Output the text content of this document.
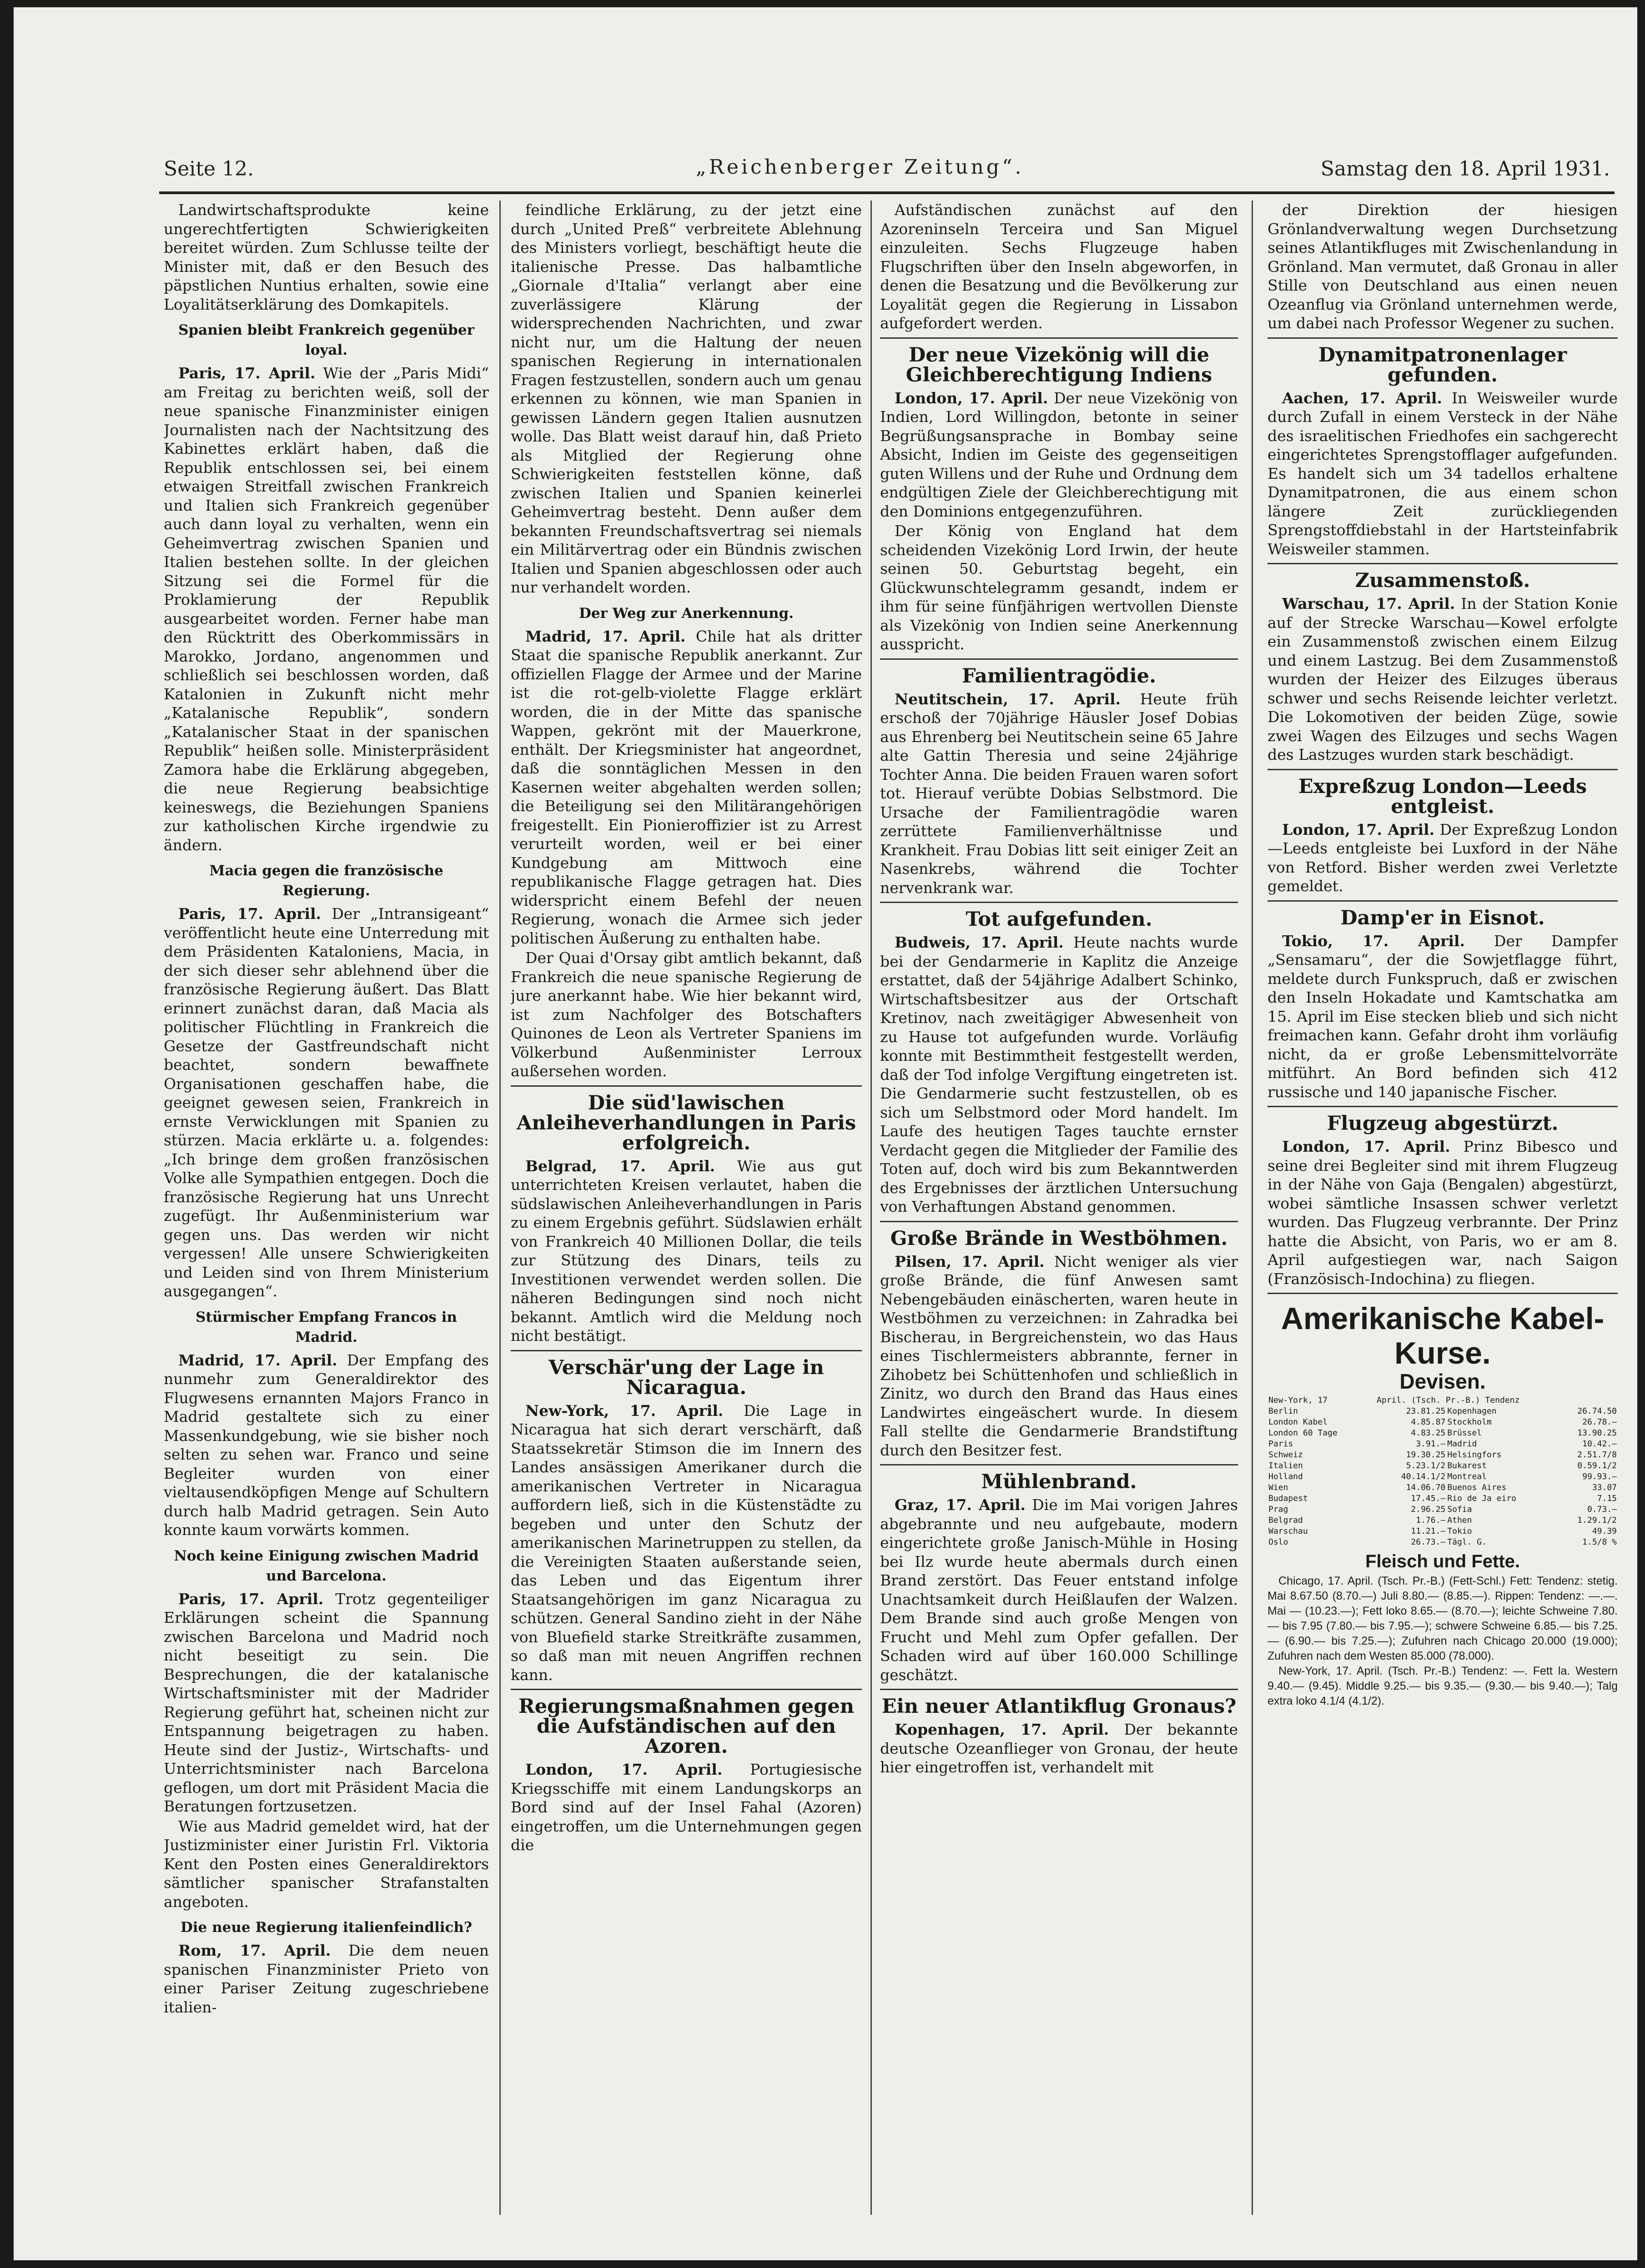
Seite 12.	„Reichenberger Zeitung“.	Samstag den 18. April 1931.

Landwirtschaftsprodukte keine ungerechtfertigten Schwierigkeiten bereitet würden. Zum Schlusse teilte der Minister mit, daß er den Besuch des päpstlichen Nuntius erhalten, sowie eine Loyalitätserklärung des Domkapitels.

Spanien bleibt Frankreich gegenüber loyal.

Paris, 17. April. Wie der „Paris Midi“ am Freitag zu berichten weiß, soll der neue spanische Finanzminister einigen Journalisten nach der Nachtsitzung des Kabinettes erklärt haben, daß die Republik entschlossen sei, bei einem etwaigen Streitfall zwischen Frankreich und Italien sich Frankreich gegenüber auch dann loyal zu verhalten, wenn ein Geheimvertrag zwischen Spanien und Italien bestehen sollte. In der gleichen Sitzung sei die Formel für die Proklamierung der Republik ausgearbeitet worden. Ferner habe man den Rücktritt des Oberkommissärs in Marokko, Jordano, angenommen und schließlich sei beschlossen worden, daß Katalonien in Zukunft nicht mehr „Katalanische Republik“, sondern „Katalanischer Staat in der spanischen Republik“ heißen solle. Ministerpräsident Zamora habe die Erklärung abgegeben, die neue Regierung beabsichtige keineswegs, die Beziehungen Spaniens zur katholischen Kirche irgendwie zu ändern.

Macia gegen die französische Regierung.

Paris, 17. April. Der „Intransigeant“ veröffentlicht heute eine Unterredung mit dem Präsidenten Kataloniens, Macia, in der sich dieser sehr ablehnend über die französische Regierung äußert. Das Blatt erinnert zunächst daran, daß Macia als politischer Flüchtling in Frankreich die Gesetze der Gastfreundschaft nicht beachtet, sondern bewaffnete Organisationen geschaffen habe, die geeignet gewesen seien, Frankreich in ernste Verwicklungen mit Spanien zu stürzen. Macia erklärte u. a. folgendes: „Ich bringe dem großen französischen Volke alle Sympathien entgegen. Doch die französische Regierung hat uns Unrecht zugefügt. Ihr Außenministerium war gegen uns. Das werden wir nicht vergessen! Alle unsere Schwierigkeiten und Leiden sind von Ihrem Ministerium ausgegangen“.

Stürmischer Empfang Francos in Madrid.

Madrid, 17. April. Der Empfang des nunmehr zum Generaldirektor des Flugwesens ernannten Majors Franco in Madrid gestaltete sich zu einer Massenkundgebung, wie sie bisher noch selten zu sehen war. Franco und seine Begleiter wurden von einer vieltausendköpfigen Menge auf Schultern durch halb Madrid getragen. Sein Auto konnte kaum vorwärts kommen.

Noch keine Einigung zwischen Madrid und Barcelona.

Paris, 17. April. Trotz gegenteiliger Erklärungen scheint die Spannung zwischen Barcelona und Madrid noch nicht beseitigt zu sein. Die Besprechungen, die der katalanische Wirtschaftsminister mit der Madrider Regierung geführt hat, scheinen nicht zur Entspannung beigetragen zu haben. Heute sind der Justiz-, Wirtschafts- und Unterrichtsminister nach Barcelona geflogen, um dort mit Präsident Macia die Beratungen fortzusetzen.

Wie aus Madrid gemeldet wird, hat der Justizminister einer Juristin Frl. Viktoria Kent den Posten eines Generaldirektors sämtlicher spanischer Strafanstalten angeboten.

Die neue Regierung italienfeindlich?

Rom, 17. April. Die dem neuen spanischen Finanzminister Prieto von einer Pariser Zeitung zugeschriebene italien-

feindliche Erklärung, zu der jetzt eine durch „United Preß“ verbreitete Ablehnung des Ministers vorliegt, beschäftigt heute die italienische Presse. Das halbamtliche „Giornale d'Italia“ verlangt aber eine zuverlässigere Klärung der widersprechenden Nachrichten, und zwar nicht nur, um die Haltung der neuen spanischen Regierung in internationalen Fragen festzustellen, sondern auch um genau erkennen zu können, wie man Spanien in gewissen Ländern gegen Italien ausnutzen wolle. Das Blatt weist darauf hin, daß Prieto als Mitglied der Regierung ohne Schwierigkeiten feststellen könne, daß zwischen Italien und Spanien keinerlei Geheimvertrag besteht. Denn außer dem bekannten Freundschaftsvertrag sei niemals ein Militärvertrag oder ein Bündnis zwischen Italien und Spanien abgeschlossen oder auch nur verhandelt worden.

Der Weg zur Anerkennung.

Madrid, 17. April. Chile hat als dritter Staat die spanische Republik anerkannt. Zur offiziellen Flagge der Armee und der Marine ist die rot-gelb-violette Flagge erklärt worden, die in der Mitte das spanische Wappen, gekrönt mit der Mauerkrone, enthält. Der Kriegsminister hat angeordnet, daß die sonntäglichen Messen in den Kasernen weiter abgehalten werden sollen; die Beteiligung sei den Militärangehörigen freigestellt. Ein Pionieroffizier ist zu Arrest verurteilt worden, weil er bei einer Kundgebung am Mittwoch eine republikanische Flagge getragen hat. Dies widerspricht einem Befehl der neuen Regierung, wonach die Armee sich jeder politischen Äußerung zu enthalten habe.

Der Quai d'Orsay gibt amtlich bekannt, daß Frankreich die neue spanische Regierung de jure anerkannt habe. Wie hier bekannt wird, ist zum Nachfolger des Botschafters Quinones de Leon als Vertreter Spaniens im Völkerbund Außenminister Lerroux außersehen worden.

Die süd'lawischen Anleiheverhandlungen in Paris erfolgreich.

Belgrad, 17. April. Wie aus gut unterrichteten Kreisen verlautet, haben die südslawischen Anleiheverhandlungen in Paris zu einem Ergebnis geführt. Südslawien erhält von Frankreich 40 Millionen Dollar, die teils zur Stützung des Dinars, teils zu Investitionen verwendet werden sollen. Die näheren Bedingungen sind noch nicht bekannt. Amtlich wird die Meldung noch nicht bestätigt.

Verschär'ung der Lage in Nicaragua.

New-York, 17. April. Die Lage in Nicaragua hat sich derart verschärft, daß Staatssekretär Stimson die im Innern des Landes ansässigen Amerikaner durch die amerikanischen Vertreter in Nicaragua auffordern ließ, sich in die Küstenstädte zu begeben und unter den Schutz der amerikanischen Marinetruppen zu stellen, da die Vereinigten Staaten außerstande seien, das Leben und das Eigentum ihrer Staatsangehörigen im ganz Nicaragua zu schützen. General Sandino zieht in der Nähe von Bluefield starke Streitkräfte zusammen, so daß man mit neuen Angriffen rechnen kann.

Regierungsmaßnahmen gegen die Aufständischen auf den Azoren.

London, 17. April. Portugiesische Kriegsschiffe mit einem Landungskorps an Bord sind auf der Insel Fahal (Azoren) eingetroffen, um die Unternehmungen gegen die

Aufständischen zunächst auf den Azoreninseln Terceira und San Miguel einzuleiten. Sechs Flugzeuge haben Flugschriften über den Inseln abgeworfen, in denen die Besatzung und die Bevölkerung zur Loyalität gegen die Regierung in Lissabon aufgefordert werden.

Der neue Vizekönig will die Gleichberechtigung Indiens

London, 17. April. Der neue Vizekönig von Indien, Lord Willingdon, betonte in seiner Begrüßungsansprache in Bombay seine Absicht, Indien im Geiste des gegenseitigen guten Willens und der Ruhe und Ordnung dem endgültigen Ziele der Gleichberechtigung mit den Dominions entgegenzuführen.

Der König von England hat dem scheidenden Vizekönig Lord Irwin, der heute seinen 50. Geburtstag begeht, ein Glückwunschtelegramm gesandt, indem er ihm für seine fünfjährigen wertvollen Dienste als Vizekönig von Indien seine Anerkennung ausspricht.

Familientragödie.

Neutitschein, 17. April. Heute früh erschoß der 70jährige Häusler Josef Dobias aus Ehrenberg bei Neutitschein seine 65 Jahre alte Gattin Theresia und seine 24jährige Tochter Anna. Die beiden Frauen waren sofort tot. Hierauf verübte Dobias Selbstmord. Die Ursache der Familientragödie waren zerrüttete Familienverhältnisse und Krankheit. Frau Dobias litt seit einiger Zeit an Nasenkrebs, während die Tochter nervenkrank war.

Tot aufgefunden.

Budweis, 17. April. Heute nachts wurde bei der Gendarmerie in Kaplitz die Anzeige erstattet, daß der 54jährige Adalbert Schinko, Wirtschaftsbesitzer aus der Ortschaft Kretinov, nach zweitägiger Abwesenheit von zu Hause tot aufgefunden wurde. Vorläufig konnte mit Bestimmtheit festgestellt werden, daß der Tod infolge Vergiftung eingetreten ist. Die Gendarmerie sucht festzustellen, ob es sich um Selbstmord oder Mord handelt. Im Laufe des heutigen Tages tauchte ernster Verdacht gegen die Mitglieder der Familie des Toten auf, doch wird bis zum Bekanntwerden des Ergebnisses der ärztlichen Untersuchung von Verhaftungen Abstand genommen.

Große Brände in Westböhmen.

Pilsen, 17. April. Nicht weniger als vier große Brände, die fünf Anwesen samt Nebengebäuden einäscherten, waren heute in Westböhmen zu verzeichnen: in Zahradka bei Bischerau, in Bergreichenstein, wo das Haus eines Tischlermeisters abbrannte, ferner in Zihobetz bei Schüttenhofen und schließlich in Zinitz, wo durch den Brand das Haus eines Landwirtes eingeäschert wurde. In diesem Fall stellte die Gendarmerie Brandstiftung durch den Besitzer fest.

Mühlenbrand.

Graz, 17. April. Die im Mai vorigen Jahres abgebrannte und neu aufgebaute, modern eingerichtete große Janisch-Mühle in Hosing bei Ilz wurde heute abermals durch einen Brand zerstört. Das Feuer entstand infolge Unachtsamkeit durch Heißlaufen der Walzen. Dem Brande sind auch große Mengen von Frucht und Mehl zum Opfer gefallen. Der Schaden wird auf über 160.000 Schillinge geschätzt.

Ein neuer Atlantikflug Gronaus?

Kopenhagen, 17. April. Der bekannte deutsche Ozeanflieger von Gronau, der heute hier eingetroffen ist, verhandelt mit

der Direktion der hiesigen Grönlandverwaltung wegen Durchsetzung seines Atlantikfluges mit Zwischenlandung in Grönland. Man vermutet, daß Gronau in aller Stille von Deutschland aus einen neuen Ozeanflug via Grönland unternehmen werde, um dabei nach Professor Wegener zu suchen.

Dynamitpatronenlager gefunden.

Aachen, 17. April. In Weisweiler wurde durch Zufall in einem Versteck in der Nähe des israelitischen Friedhofes ein sachgerecht eingerichtetes Sprengstofflager aufgefunden. Es handelt sich um 34 tadellos erhaltene Dynamitpatronen, die aus einem schon längere Zeit zurückliegenden Sprengstoffdiebstahl in der Hartsteinfabrik Weisweiler stammen.

Zusammenstoß.

Warschau, 17. April. In der Station Konie auf der Strecke Warschau—Kowel erfolgte ein Zusammenstoß zwischen einem Eilzug und einem Lastzug. Bei dem Zusammenstoß wurden der Heizer des Eilzuges überaus schwer und sechs Reisende leichter verletzt. Die Lokomotiven der beiden Züge, sowie zwei Wagen des Eilzuges und sechs Wagen des Lastzuges wurden stark beschädigt.

Expreßzug London—Leeds entgleist.

London, 17. April. Der Expreßzug London—Leeds entgleiste bei Luxford in der Nähe von Retford. Bisher werden zwei Verletzte gemeldet.

Damp'er in Eisnot.

Tokio, 17. April. Der Dampfer „Sensamaru“, der die Sowjetflagge führt, meldete durch Funkspruch, daß er zwischen den Inseln Hokadate und Kamtschatka am 15. April im Eise stecken blieb und sich nicht freimachen kann. Gefahr droht ihm vorläufig nicht, da er große Lebensmittelvorräte mitführt. An Bord befinden sich 412 russische und 140 japanische Fischer.

Flugzeug abgestürzt.

London, 17. April. Prinz Bibesco und seine drei Begleiter sind mit ihrem Flugzeug in der Nähe von Gaja (Bengalen) abgestürzt, wobei sämtliche Insassen schwer verletzt wurden. Das Flugzeug verbrannte. Der Prinz hatte die Absicht, von Paris, wo er am 8. April aufgestiegen war, nach Saigon (Französisch-Indochina) zu fliegen.

Amerikanische Kabel-Kurse.
Devisen.
New-York, 17	April. (Tsch. Pr.-B.) Tendenz		
Berlin	23.81.25	Kopenhagen	26.74.50
London Kabel	4.85.87	Stockholm	26.78.—
London 60 Tage	4.83.25	Brüssel	13.90.25
Paris	3.91.—	Madrid	10.42.—
Schweiz	19.30.25	Helsingfors	2.51.7/8
Italien	5.23.1/2	Bukarest	0.59.1/2
Holland	40.14.1/2	Montreal	99.93.—
Wien	14.06.70	Buenos Aires	33.07
Budapest	17.45.—	Rio de Ja eiro	7.15
Prag	2.96.25	Sofia	0.73.—
Belgrad	1.76.—	Athen	1.29.1/2
Warschau	11.21.—	Tokio	49.39
Oslo	26.73.—	Tägl. G.	1.5/8 %
Fleisch und Fette.

Chicago, 17. April. (Tsch. Pr.-B.) (Fett-Schl.) Fett: Tendenz: stetig. Mai 8.67.50 (8.70.—) Juli 8.80.— (8.85.—). Rippen: Tendenz: —.—. Mai — (10.23.—); Fett loko 8.65.— (8.70.—); leichte Schweine 7.80.— bis 7.95 (7.80.— bis 7.95.—); schwere Schweine 6.85.— bis 7.25.— (6.90.— bis 7.25.—); Zufuhren nach Chicago 20.000 (19.000); Zufuhren nach dem Westen 85.000 (78.000).

New-York, 17. April. (Tsch. Pr.-B.) Tendenz: —. Fett la. Western 9.40.— (9.45). Middle 9.25.— bis 9.35.— (9.30.— bis 9.40.—); Talg extra loko 4.1/4 (4.1/2).
